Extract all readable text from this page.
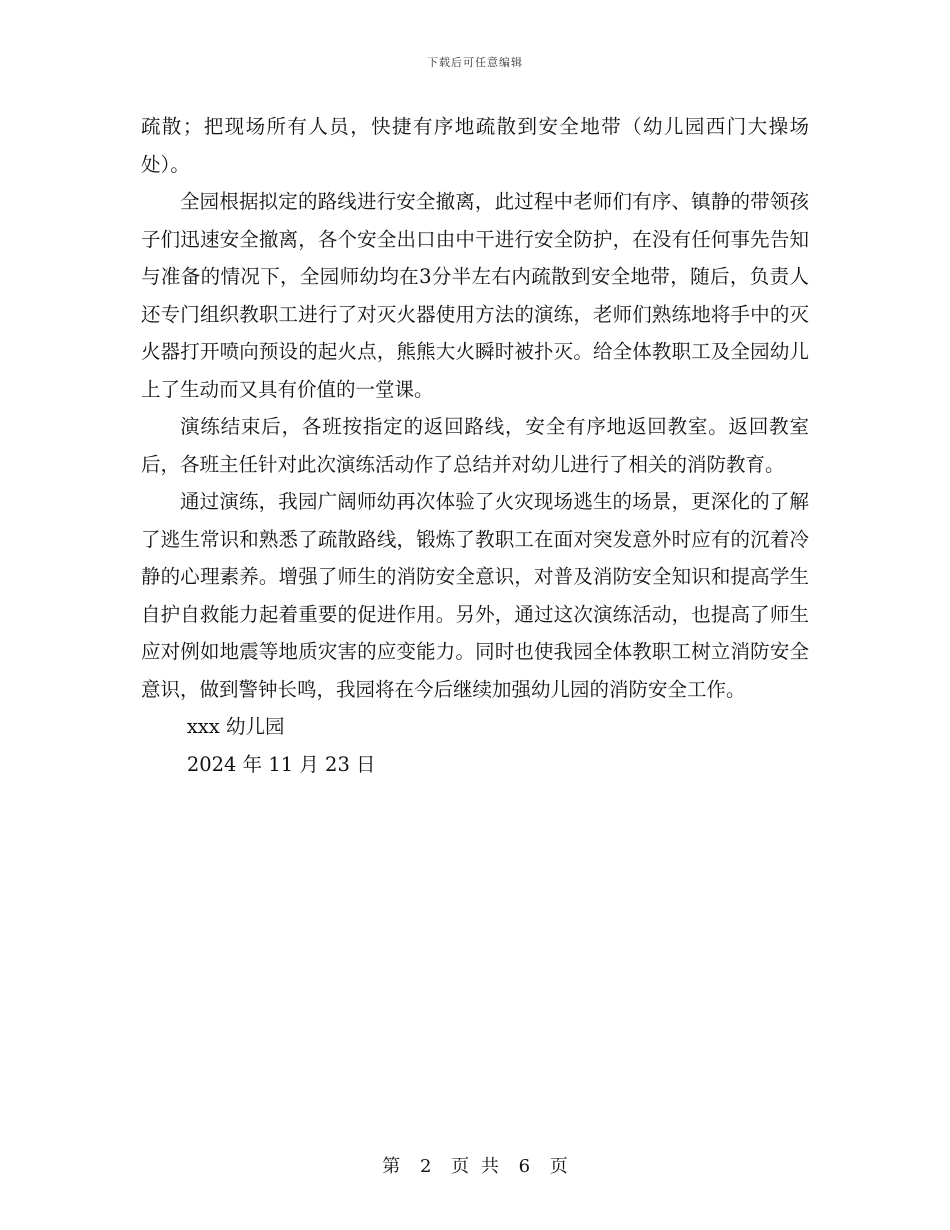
下载后可任意编辑

疏散；把现场所有人员，快捷有序地疏散到安全地带（幼儿园西门大操场处）。

全园根据拟定的路线进行安全撤离，此过程中老师们有序、镇静的带领孩子们迅速安全撤离，各个安全出口由中干进行安全防护，在没有任何事先告知与准备的情况下，全园师幼均在3分半左右内疏散到安全地带，随后，负责人还专门组织教职工进行了对灭火器使用方法的演练，老师们熟练地将手中的灭火器打开喷向预设的起火点，熊熊大火瞬时被扑灭。给全体教职工及全园幼儿上了生动而又具有价值的一堂课。

演练结束后，各班按指定的返回路线，安全有序地返回教室。返回教室后，各班主任针对此次演练活动作了总结并对幼儿进行了相关的消防教育。

通过演练，我园广阔师幼再次体验了火灾现场逃生的场景，更深化的了解了逃生常识和熟悉了疏散路线，锻炼了教职工在面对突发意外时应有的沉着冷静的心理素养。增强了师生的消防安全意识，对普及消防安全知识和提高学生自护自救能力起着重要的促进作用。另外，通过这次演练活动，也提高了师生应对例如地震等地质灾害的应变能力。同时也使我园全体教职工树立消防安全意识，做到警钟长鸣，我园将在今后继续加强幼儿园的消防安全工作。

xxx 幼儿园

2024 年 11 月 23 日

第 2 页 共 6 页
